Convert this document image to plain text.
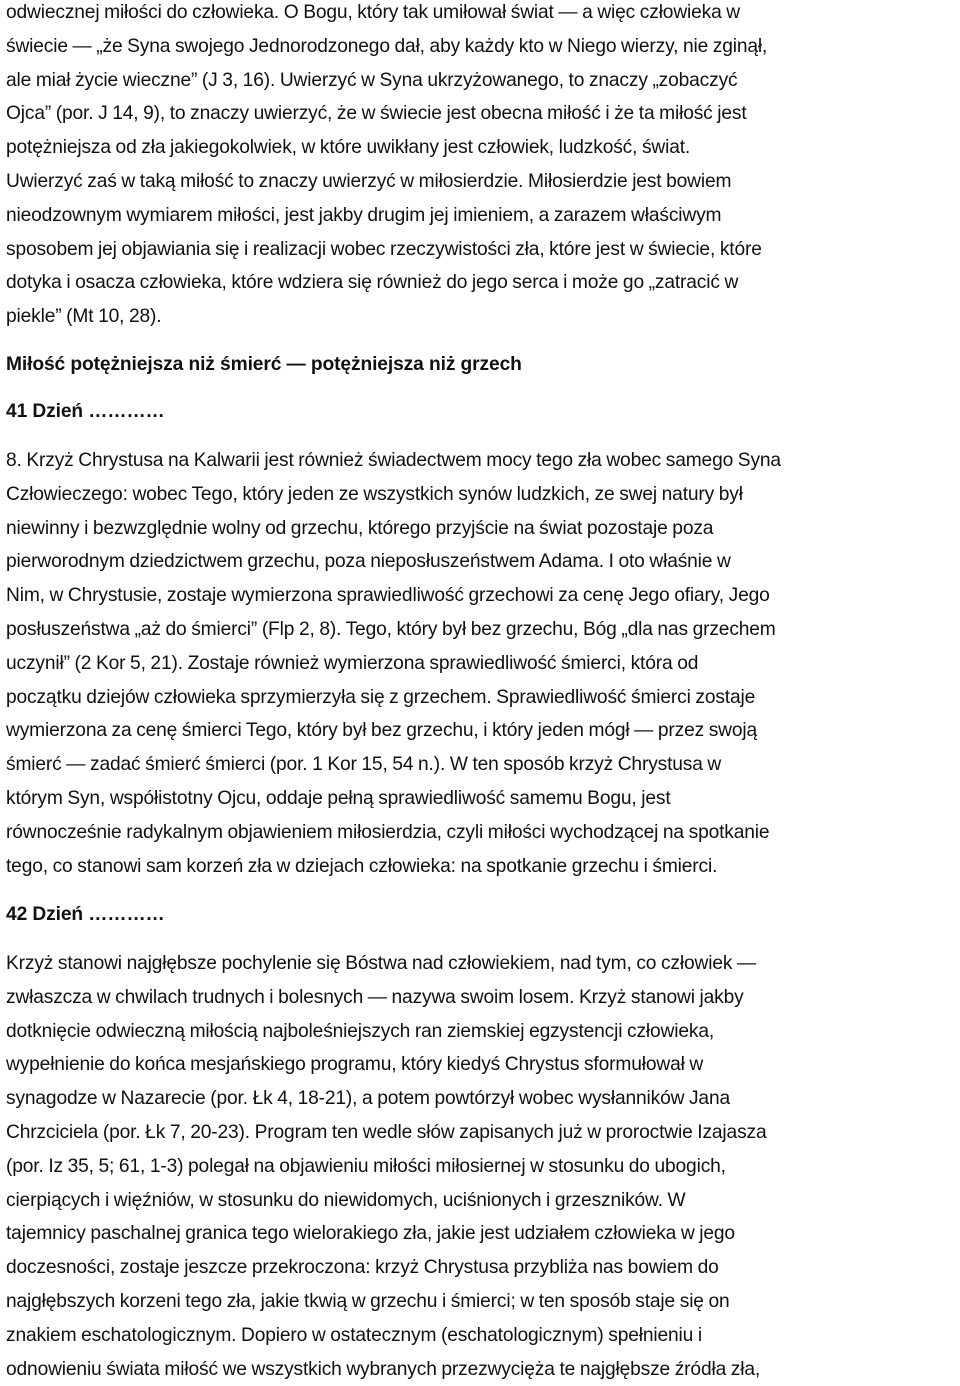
odwiecznej miłości do człowieka. O Bogu, który tak umiłował świat — a więc człowieka w
świecie — „że Syna swojego Jednorodzonego dał, aby każdy kto w Niego wierzy, nie zginął,
ale miał życie wieczne” (J 3, 16). Uwierzyć w Syna ukrzyżowanego, to znaczy „zobaczyć
Ojca” (por. J 14, 9), to znaczy uwierzyć, że w świecie jest obecna miłość i że ta miłość jest
potężniejsza od zła jakiegokolwiek, w które uwikłany jest człowiek, ludzkość, świat.
Uwierzyć zaś w taką miłość to znaczy uwierzyć w miłosierdzie. Miłosierdzie jest bowiem
nieodzownym wymiarem miłości, jest jakby drugim jej imieniem, a zarazem właściwym
sposobem jej objawiania się i realizacji wobec rzeczywistości zła, które jest w świecie, które
dotyka i osacza człowieka, które wdziera się również do jego serca i może go „zatracić w
piekle” (Mt 10, 28).
Miłość potężniejsza niż śmierć — potężniejsza niż grzech
41 Dzień …………
8. Krzyż Chrystusa na Kalwarii jest również świadectwem mocy tego zła wobec samego Syna
Człowieczego: wobec Tego, który jeden ze wszystkich synów ludzkich, ze swej natury był
niewinny i bezwzględnie wolny od grzechu, którego przyjście na świat pozostaje poza
pierworodnym dziedzictwem grzechu, poza nieposłuszeństwem Adama. I oto właśnie w
Nim, w Chrystusie, zostaje wymierzona sprawiedliwość grzechowi za cenę Jego ofiary, Jego
posłuszeństwa „aż do śmierci” (Flp 2, 8). Tego, który był bez grzechu, Bóg „dla nas grzechem
uczynił” (2 Kor 5, 21). Zostaje również wymierzona sprawiedliwość śmierci, która od
początku dziejów człowieka sprzymierzyła się z grzechem. Sprawiedliwość śmierci zostaje
wymierzona za cenę śmierci Tego, który był bez grzechu, i który jeden mógł — przez swoją
śmierć — zadać śmierć śmierci (por. 1 Kor 15, 54 n.). W ten sposób krzyż Chrystusa w
którym Syn, współistotny Ojcu, oddaje pełną sprawiedliwość samemu Bogu, jest
równocześnie radykalnym objawieniem miłosierdzia, czyli miłości wychodzącej na spotkanie
tego, co stanowi sam korzeń zła w dziejach człowieka: na spotkanie grzechu i śmierci.
42 Dzień …………
Krzyż stanowi najgłębsze pochylenie się Bóstwa nad człowiekiem, nad tym, co człowiek —
zwłaszcza w chwilach trudnych i bolesnych — nazywa swoim losem. Krzyż stanowi jakby
dotknięcie odwieczną miłością najboleśniejszych ran ziemskiej egzystencji człowieka,
wypełnienie do końca mesjańskiego programu, który kiedyś Chrystus sformułował w
synagodze w Nazarecie (por. Łk 4, 18-21), a potem powtórzył wobec wysłanników Jana
Chrzciciela (por. Łk 7, 20-23). Program ten wedle słów zapisanych już w proroctwie Izajasza
(por. Iz 35, 5; 61, 1-3) polegał na objawieniu miłości miłosiernej w stosunku do ubogich,
cierpiących i więźniów, w stosunku do niewidomych, uciśnionych i grzeszników. W
tajemnicy paschalnej granica tego wielorakiego zła, jakie jest udziałem człowieka w jego
doczesności, zostaje jeszcze przekroczona: krzyż Chrystusa przybliża nas bowiem do
najgłębszych korzeni tego zła, jakie tkwią w grzechu i śmierci; w ten sposób staje się on
znakiem eschatologicznym. Dopiero w ostatecznym (eschatologicznym) spełnieniu i
odnowieniu świata miłość we wszystkich wybranych przezwycięża te najgłębsze źródła zła,
